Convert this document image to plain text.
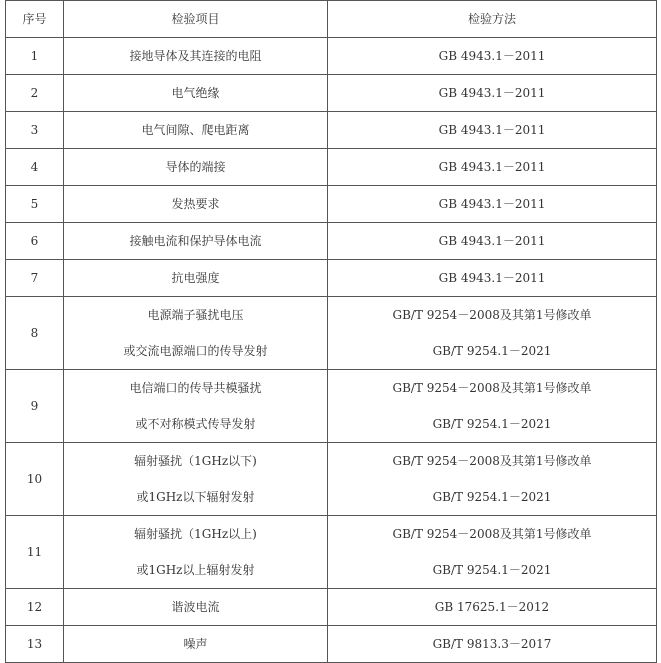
序号	检验项目	检验方法
1	接地导体及其连接的电阻	GB 4943.1－2011

2	电气绝缘	GB 4943.1－2011

3	电气间隙、爬电距离	GB 4943.1－2011

4	导体的端接	GB 4943.1－2011

5	发热要求	GB 4943.1－2011

6	接触电流和保护导体电流	GB 4943.1－2011

7	抗电强度	GB 4943.1－2011

8	电源端子骚扰电压
或交流电源端口的传导发射	GB/T 9254－2008及其第1号修改单
GB/T 9254.1－2021

9	电信端口的传导共模骚扰
或不对称模式传导发射	GB/T 9254－2008及其第1号修改单
GB/T 9254.1－2021

10	辐射骚扰（1GHz以下)
或1GHz以下辐射发射	GB/T 9254－2008及其第1号修改单
GB/T 9254.1－2021

11	辐射骚扰（1GHz以上)
或1GHz以上辐射发射	GB/T 9254－2008及其第1号修改单
GB/T 9254.1－2021

12	谐波电流	GB 17625.1－2012

13	噪声	GB/T 9813.3－2017
